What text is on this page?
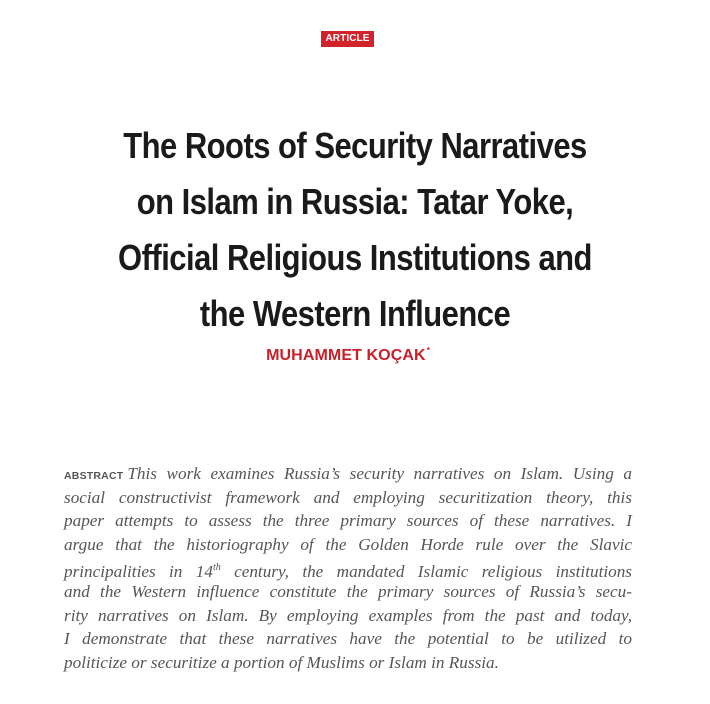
ARTICLE
The Roots of Security Narratives
on Islam in Russia: Tatar Yoke,
Official Religious Institutions and
the Western Influence
MUHAMMET KOÇAK*
ABSTRACT This work examines Russia’s security narratives on Islam. Using a
social constructivist framework and employing securitization theory, this
paper attempts to assess the three primary sources of these narratives. I
argue that the historiography of the Golden Horde rule over the Slavic
principalities in 14th century, the mandated Islamic religious institutions
and the Western influence constitute the primary sources of Russia’s secu-
rity narratives on Islam. By employing examples from the past and today,
I demonstrate that these narratives have the potential to be utilized to
politicize or securitize a portion of Muslims or Islam in Russia.
